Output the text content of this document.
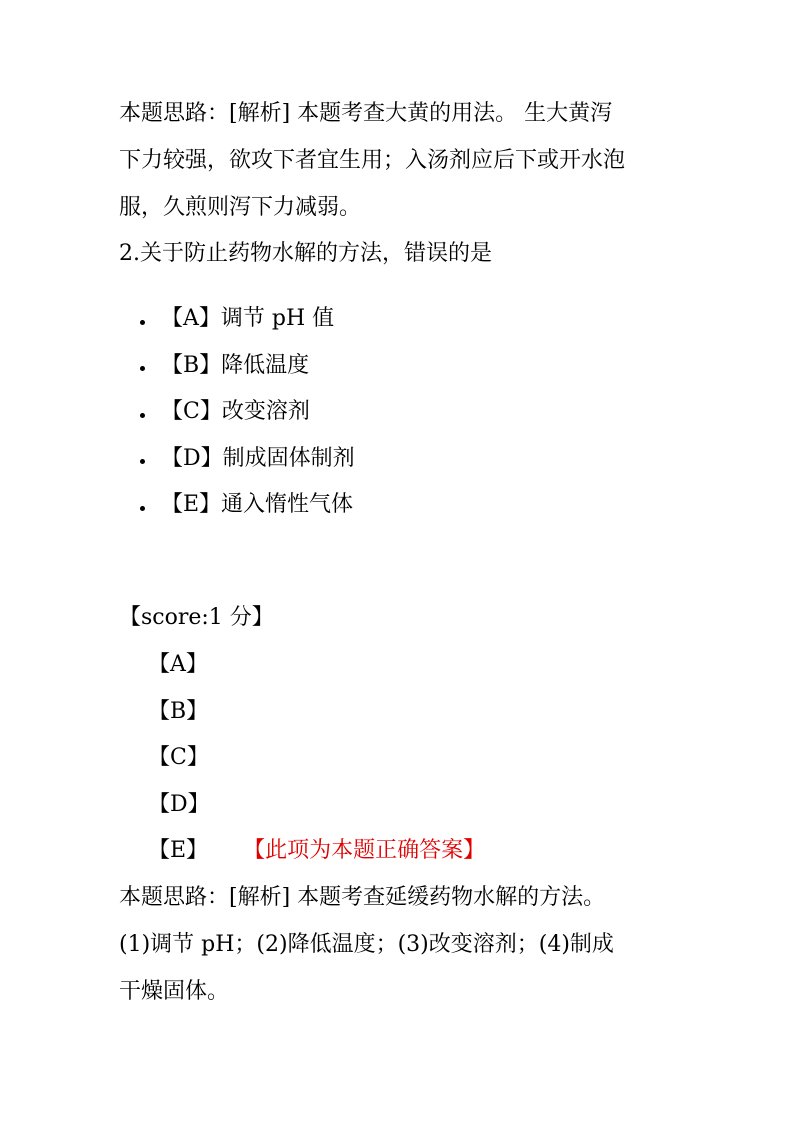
本题思路：[解析] 本题考查大黄的用法。 生大黄泻
下力较强，欲攻下者宜生用；入汤剂应后下或开水泡
服，久煎则泻下力减弱。
2.关于防止药物水解的方法，错误的是
【A】调节 pH 值
【B】降低温度
【C】改变溶剂
【D】制成固体制剂
【E】通入惰性气体
【score:1 分】
【A】
【B】
【C】
【D】
【E】 【此项为本题正确答案】
本题思路：[解析] 本题考查延缓药物水解的方法。
(1)调节 pH；(2)降低温度；(3)改变溶剂；(4)制成
干燥固体。
